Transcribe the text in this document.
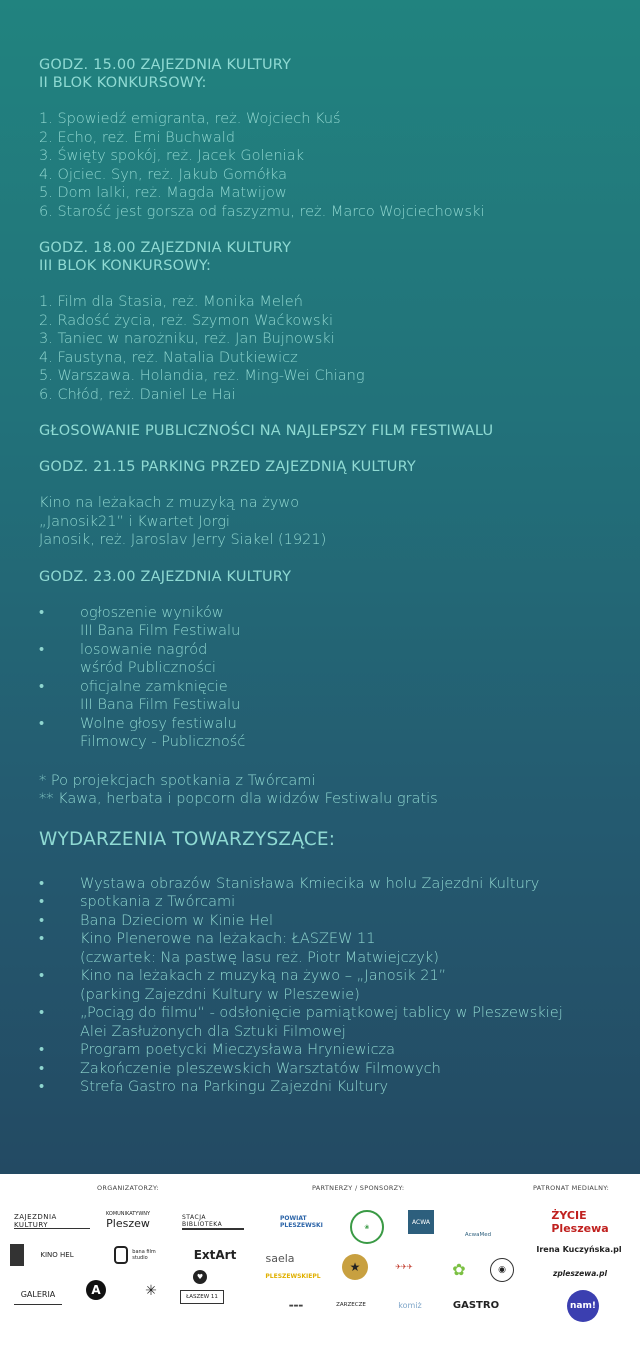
GODZ. 15.00 ZAJEZDNIA KULTURY
II BLOK KONKURSOWY:
1. Spowiedź emigranta, reż. Wojciech Kuś
2. Echo, reż. Emi Buchwald
3. Święty spokój, reż. Jacek Goleniak
4. Ojciec. Syn, reż. Jakub Gomółka
5. Dom lalki, reż. Magda Matwijow
6. Starość jest gorsza od faszyzmu, reż. Marco Wojciechowski
GODZ. 18.00 ZAJEZDNIA KULTURY
III BLOK KONKURSOWY:
1. Film dla Stasia, reż. Monika Meleń
2. Radość życia, reż. Szymon Waćkowski
3. Taniec w narożniku, reż. Jan Bujnowski
4. Faustyna, reż. Natalia Dutkiewicz
5. Warszawa. Holandia, reż. Ming-Wei Chiang
6. Chłód, reż. Daniel Le Hai
GŁOSOWANIE PUBLICZNOŚCI NA NAJLEPSZY FILM FESTIWALU
GODZ. 21.15 PARKING PRZED ZAJEZDNIĄ KULTURY
Kino na leżakach z muzyką na żywo
„Janosik21” i Kwartet Jorgi
Janosik, reż. Jaroslav Jerry Siakel (1921)
GODZ. 23.00 ZAJEZDNIA KULTURY
• ogłoszenie wyników
III Bana Film Festiwalu
• losowanie nagród
wśród Publiczności
• oficjalne zamknięcie
III Bana Film Festiwalu
• Wolne głosy festiwalu
Filmowcy - Publiczność
* Po projekcjach spotkania z Twórcami
** Kawa, herbata i popcorn dla widzów Festiwalu gratis
WYDARZENIA TOWARZYSZĄCE:
• Wystawa obrazów Stanisława Kmiecika w holu Zajezdni Kultury
• spotkania z Twórcami
• Bana Dzieciom w Kinie Hel
• Kino Plenerowe na leżakach: ŁASZEW 11
(czwartek: Na pastwę lasu reż. Piotr Matwiejczyk)
• Kino na leżakach z muzyką na żywo – „Janosik 21”
(parking Zajezdni Kultury w Pleszewie)
• „Pociąg do filmu“ - odsłonięcie pamiątkowej tablicy w Pleszewskiej
Alei Zasłużonych dla Sztuki Filmowej
• Program poetycki Mieczysława Hryniewicza
• Zakończenie pleszewskich Warsztatów Filmowych
• Strefa Gastro na Parkingu Zajezdni Kultury
ORGANIZATORZY:	PARTNERZY / SPONSORZY:	PATRONAT MEDIALNY:
ZAJEZDNIA KULTURY
KOMUNIKATYWNY
Pleszew	STACJA BIBLIOTEKA
KINO HEL	bana film studio	ExtArt
GALERIA	A	✳
♥
ŁASZEW 11
POWIAT PLESZEWSKI	❀
ACWA
AcwaMed
saela
PLESZEWSKIEPL
★	✈✈✈	✿	◉
▬▬▬	ZARZECZE	komiż	GASTRO
ŻYCIE Pleszewa
Irena Kuczyńska.pl
zpleszewa.pl
nam!
